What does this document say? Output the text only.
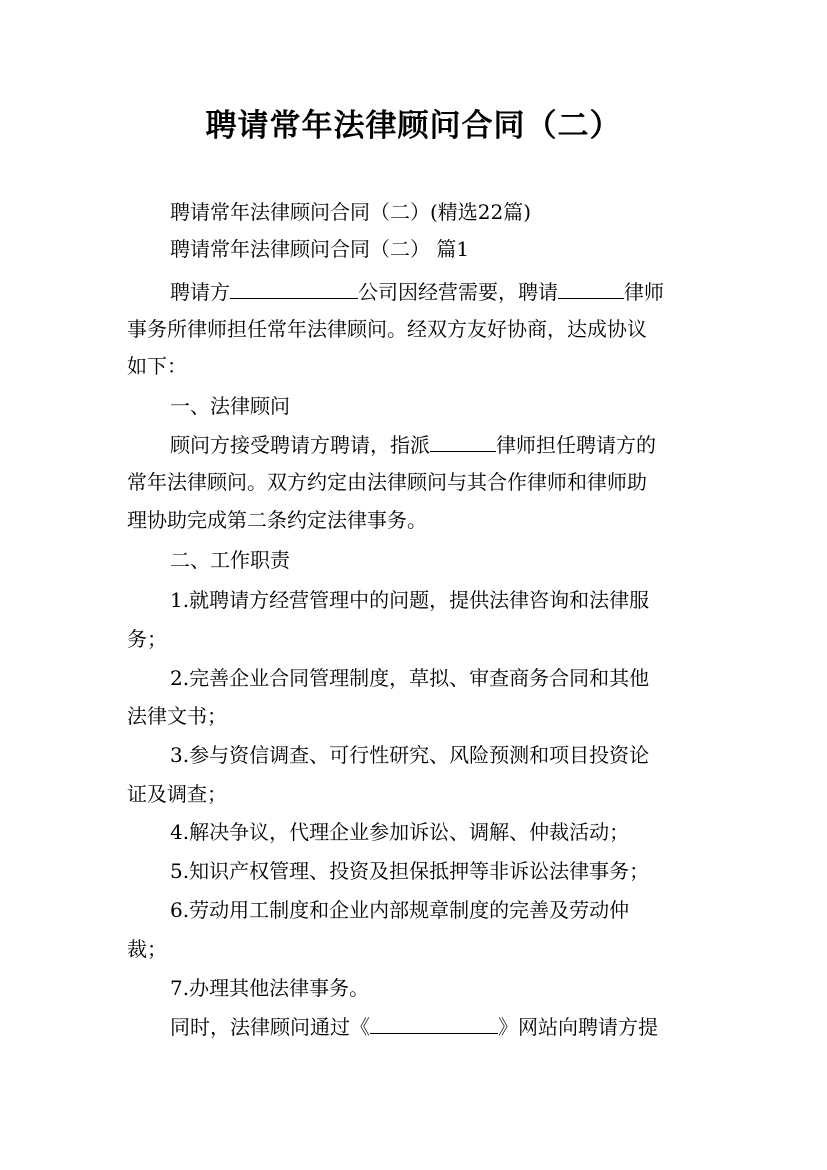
聘请常年法律顾问合同（二）
聘请常年法律顾问合同（二）(精选22篇)
聘请常年法律顾问合同（二） 篇1
聘请方	公司因经营需要，聘请	律师
事务所律师担任常年法律顾问。经双方友好协商，达成协议
如下：
一、法律顾问
顾问方接受聘请方聘请，指派	律师担任聘请方的
常年法律顾问。双方约定由法律顾问与其合作律师和律师助
理协助完成第二条约定法律事务。
二、工作职责
1.就聘请方经营管理中的问题，提供法律咨询和法律服
务；
2.完善企业合同管理制度，草拟、审查商务合同和其他
法律文书；
3.参与资信调查、可行性研究、风险预测和项目投资论
证及调查；
4.解决争议，代理企业参加诉讼、调解、仲裁活动；
5.知识产权管理、投资及担保抵押等非诉讼法律事务；
6.劳动用工制度和企业内部规章制度的完善及劳动仲
裁；
7.办理其他法律事务。
同时，法律顾问通过《	》网站向聘请方提
